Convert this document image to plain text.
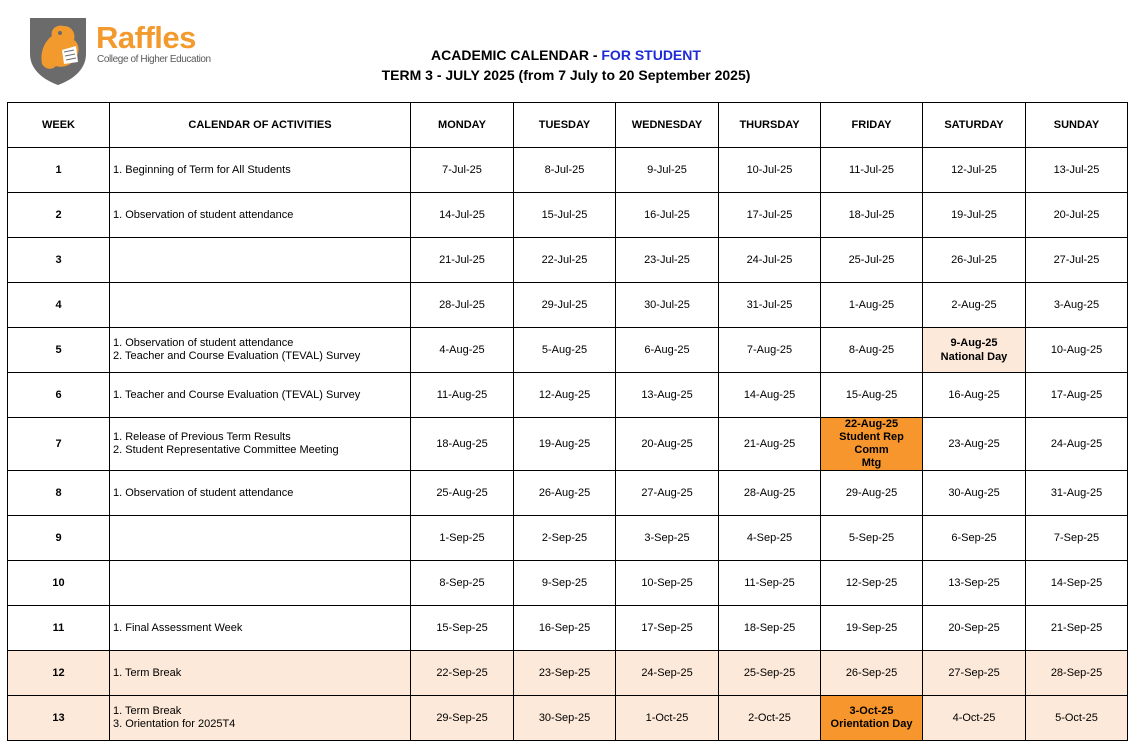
Raffles
College of Higher Education	ACADEMIC CALENDAR - FOR STUDENT
TERM 3 - JULY 2025 (from 7 July to 20 September 2025)
WEEK	CALENDAR OF ACTIVITIES	MONDAY	TUESDAY	WEDNESDAY	THURSDAY	FRIDAY	SATURDAY	SUNDAY
1	1. Beginning of Term for All Students	7-Jul-25	8-Jul-25	9-Jul-25	10-Jul-25	11-Jul-25	12-Jul-25	13-Jul-25

2	1. Observation of student attendance	14-Jul-25	15-Jul-25	16-Jul-25	17-Jul-25	18-Jul-25	19-Jul-25	20-Jul-25

3		21-Jul-25	22-Jul-25	23-Jul-25	24-Jul-25	25-Jul-25	26-Jul-25	27-Jul-25

4		28-Jul-25	29-Jul-25	30-Jul-25	31-Jul-25	1-Aug-25	2-Aug-25	3-Aug-25

5	1. Observation of student attendance
2. Teacher and Course Evaluation (TEVAL) Survey	4-Aug-25	5-Aug-25	6-Aug-25	7-Aug-25	8-Aug-25	9-Aug-25
National Day	10-Aug-25

6	1. Teacher and Course Evaluation (TEVAL) Survey	11-Aug-25	12-Aug-25	13-Aug-25	14-Aug-25	15-Aug-25	16-Aug-25	17-Aug-25

7	1. Release of Previous Term Results
2. Student Representative Committee Meeting	18-Aug-25	19-Aug-25	20-Aug-25	21-Aug-25	22-Aug-25
Student Rep Comm
Mtg	23-Aug-25	24-Aug-25

8	1. Observation of student attendance	25-Aug-25	26-Aug-25	27-Aug-25	28-Aug-25	29-Aug-25	30-Aug-25	31-Aug-25

9		1-Sep-25	2-Sep-25	3-Sep-25	4-Sep-25	5-Sep-25	6-Sep-25	7-Sep-25

10		8-Sep-25	9-Sep-25	10-Sep-25	11-Sep-25	12-Sep-25	13-Sep-25	14-Sep-25

11	1. Final Assessment Week	15-Sep-25	16-Sep-25	17-Sep-25	18-Sep-25	19-Sep-25	20-Sep-25	21-Sep-25

12	1. Term Break	22-Sep-25	23-Sep-25	24-Sep-25	25-Sep-25	26-Sep-25	27-Sep-25	28-Sep-25

13	1. Term Break
3. Orientation for 2025T4	29-Sep-25	30-Sep-25	1-Oct-25	2-Oct-25	3-Oct-25
Orientation Day	4-Oct-25	5-Oct-25
